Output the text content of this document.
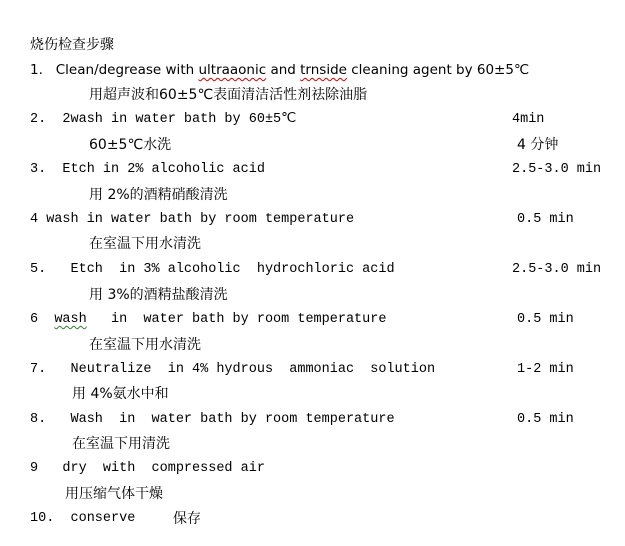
烧伤检查步骤
1.   Clean/degrease with ultraaonic and trnside cleaning agent by 60±5℃
用超声波和60±5℃表面清洁活性剂祛除油脂
2.  2wash in water bath by 60±5℃	4min
60±5℃水洗	4 分钟
3.  Etch in 2% alcoholic acid	2.5-3.0 min
用 2%的酒精硝酸清洗
4 wash in water bath by room temperature	0.5 min
在室温下用水清洗
5.   Etch  in 3% alcoholic  hydrochloric acid	2.5-3.0 min
用 3%的酒精盐酸清洗
6  wash   in  water bath by room temperature	0.5 min
在室温下用水清洗
7.   Neutralize  in 4% hydrous  ammoniac  solution	1-2 min
用 4%氨水中和
8.   Wash  in  water bath by room temperature	0.5 min
在室温下用清洗
9   dry  with  compressed air
用压缩气体干燥
10.  conserve	保存
